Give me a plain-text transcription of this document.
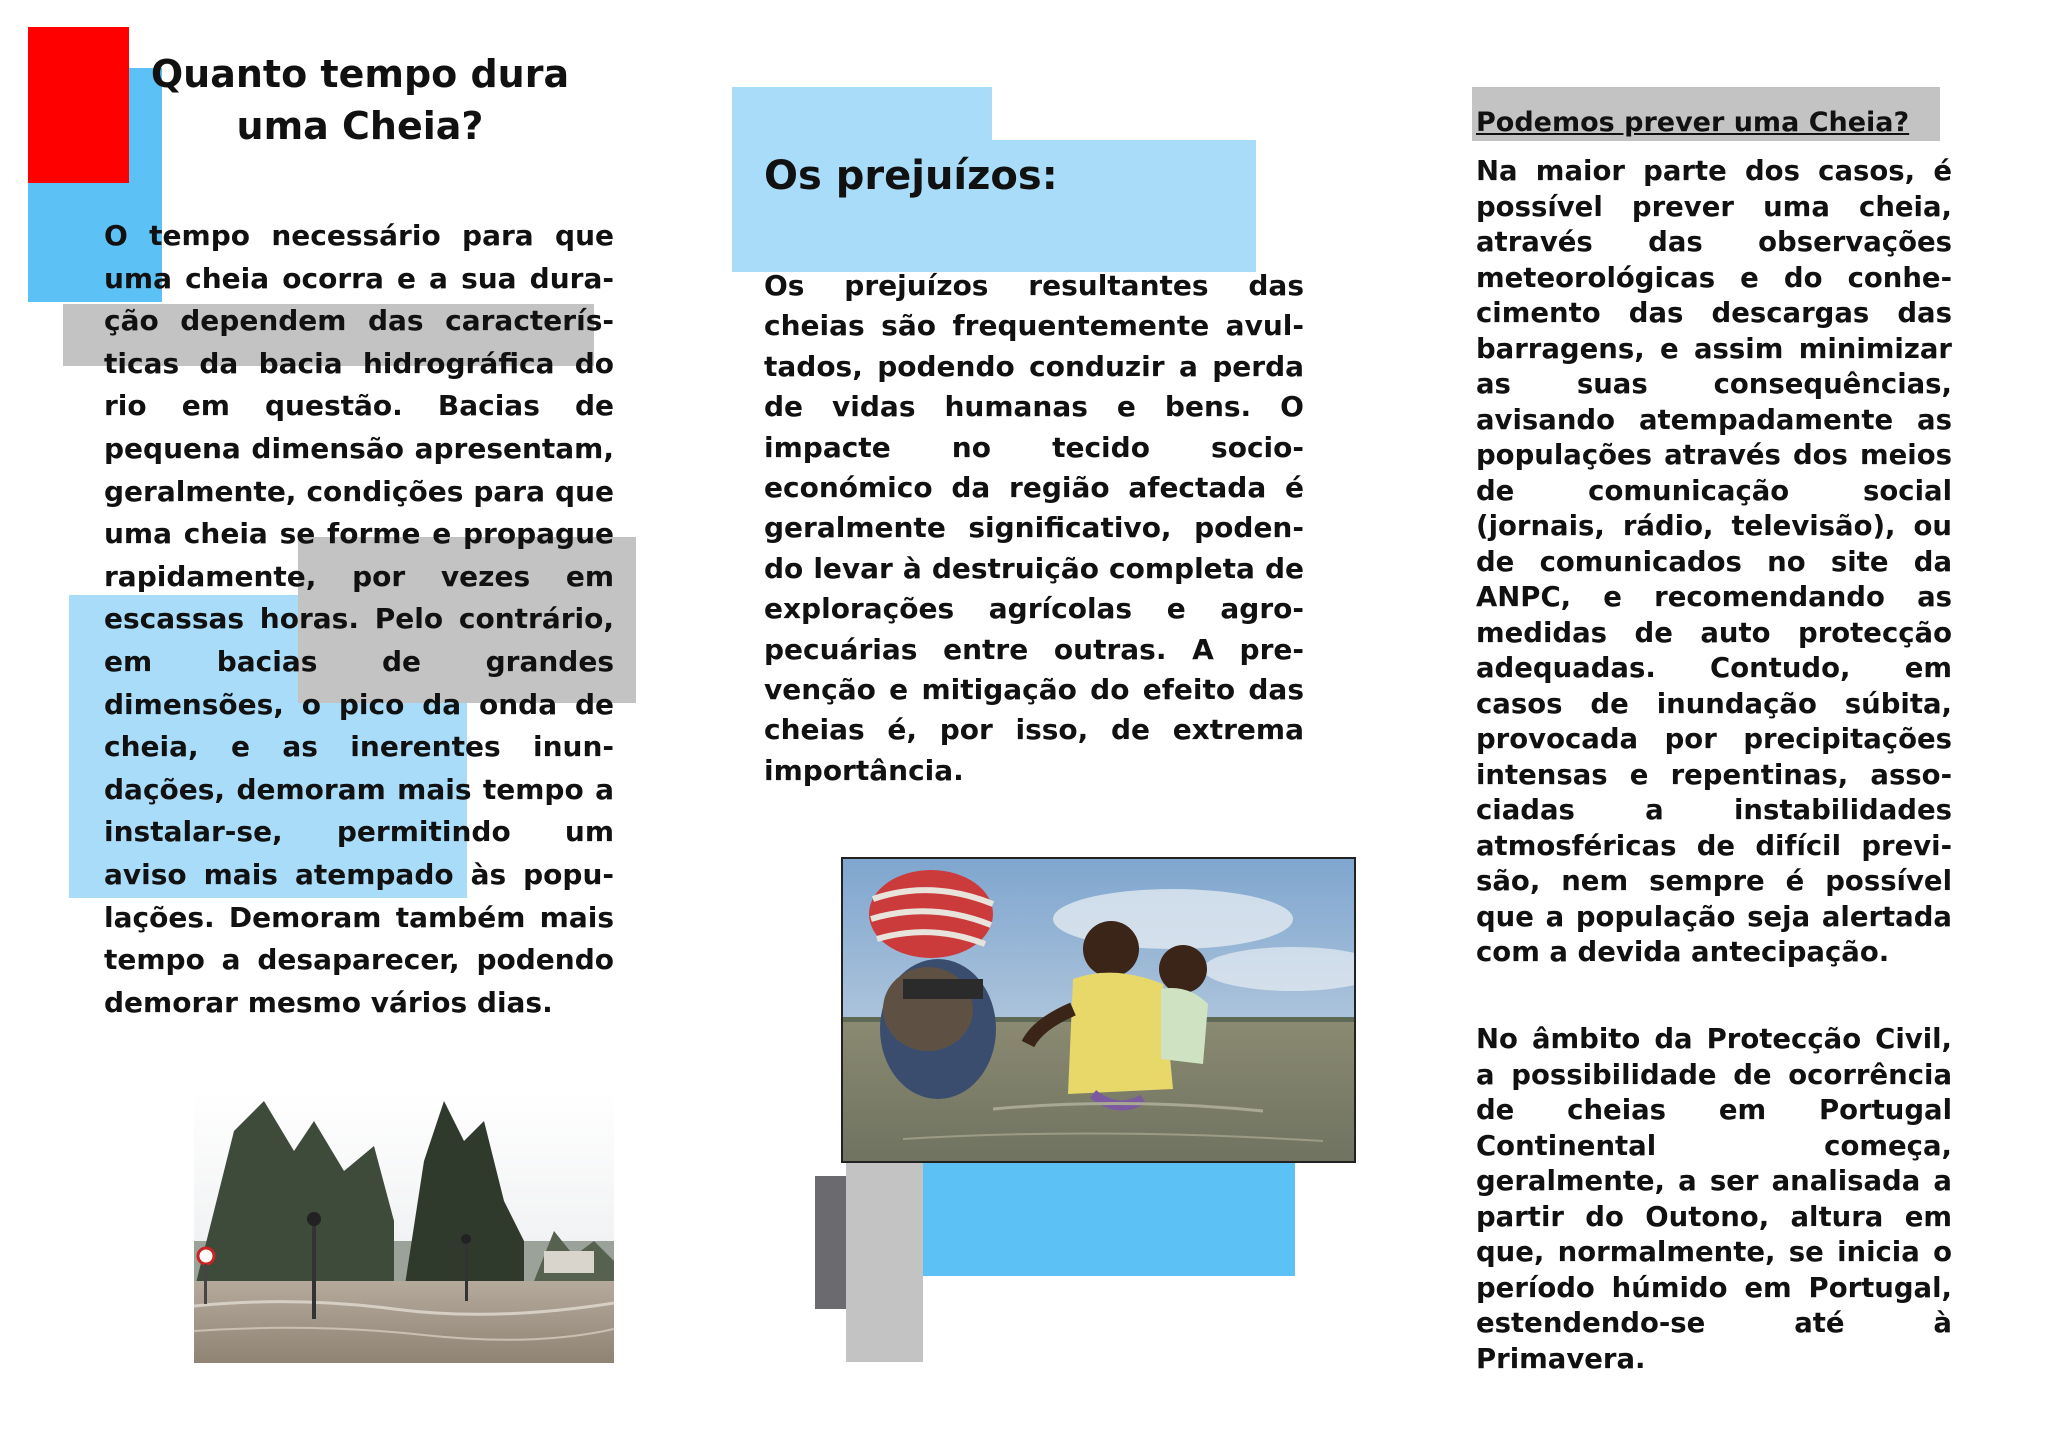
Quanto tempo dura uma Cheia?

O tempo necessário para que uma cheia ocorra e a sua duração dependem das características da bacia hidrográfica do rio em questão. Bacias de pequena dimensão apresentam, geralmente, condições para que uma cheia se forme e propague rapidamente, por vezes em escassas horas. Pelo contrário, em bacias de grandes dimensões, o pico da onda de cheia, e as inerentes inundações, demoram mais tempo a instalar-se, permitindo um aviso mais atempado às populações. Demoram também mais tempo a desaparecer, podendo demorar mesmo vários dias.

Os prejuízos:

Os prejuízos resultantes das cheias são frequentemente avultados, podendo conduzir a perda de vidas humanas e bens. O impacte no tecido socioeconómico da região afectada é geralmente significativo, podendo levar à destruição completa de explorações agrícolas e agropecuárias entre outras. A prevenção e mitigação do efeito das cheias é, por isso, de extrema importância.

Podemos prever uma Cheia?

Na maior parte dos casos, é possível prever uma cheia, através das observações meteorológicas e do conhecimento das descargas das barragens, e assim minimizar as suas consequências, avisando atempadamente as populações através dos meios de comunicação social (jornais, rádio, televisão), ou de comunicados no site da ANPC, e recomendando as medidas de auto protecção adequadas. Contudo, em casos de inundação súbita, provocada por precipitações intensas e repentinas, associadas a instabilidades atmosféricas de difícil previsão, nem sempre é possível que a população seja alertada com a devida antecipação.

No âmbito da Protecção Civil, a possibilidade de ocorrência de cheias em Portugal Continental começa, geralmente, a ser analisada a partir do Outono, altura em que, normalmente, se inicia o período húmido em Portugal, estendendo-se até à Primavera.
